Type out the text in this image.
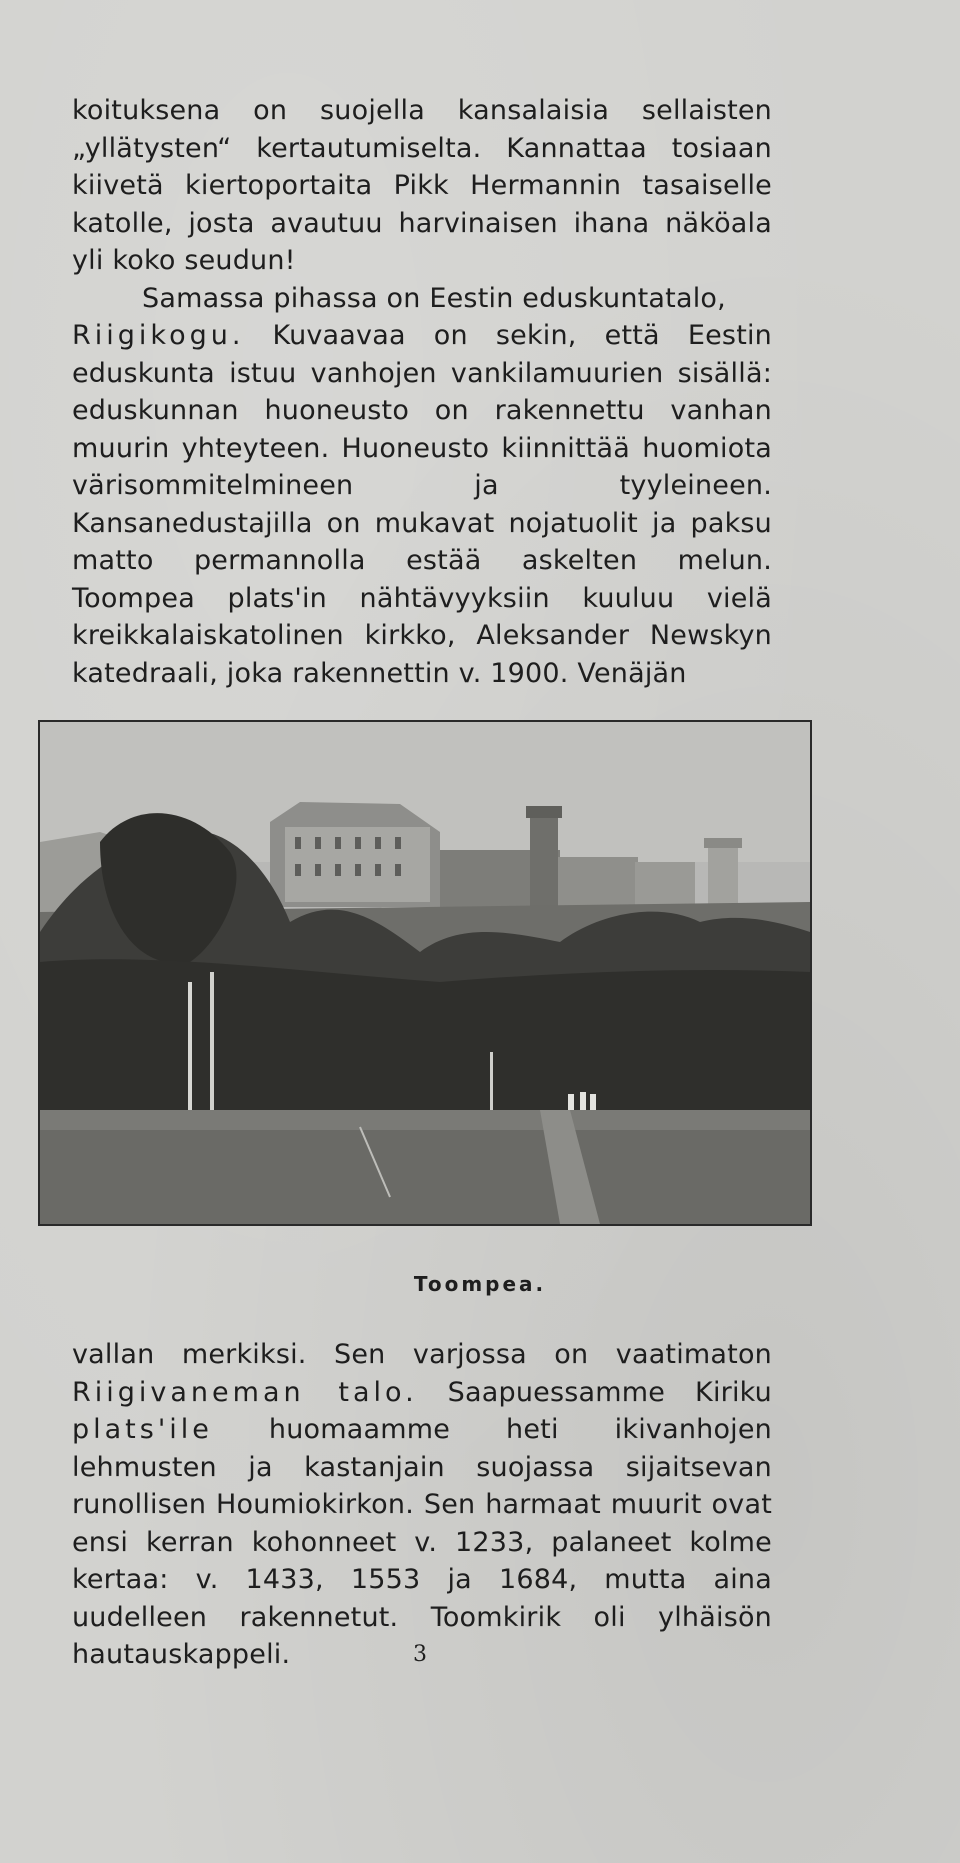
koituksena on suojella kansalaisia sellaisten „yllätysten“ kertautumiselta. Kannattaa tosiaan kiivetä kiertoportaita Pikk Hermannin tasaiselle katolle, josta avautuu harvinaisen ihana näköala yli koko seudun!

Samassa pihassa on Eestin eduskuntatalo,
Riigikogu. Kuvaavaa on sekin, että Eestin eduskunta istuu vanhojen vankilamuurien sisällä: eduskunnan huoneusto on rakennettu vanhan muurin yhteyteen. Huoneusto kiinnittää huomiota värisommitelmineen ja tyyleineen. Kansanedustajilla on mukavat nojatuolit ja paksu matto permannolla estää askelten melun. Toompea plats'in nähtävyyksiin kuuluu vielä kreikkalaiskatolinen kirkko, Aleksander Newskyn katedraali, joka rakennettin v. 1900. Venäjän

Toompea.

vallan merkiksi. Sen varjossa on vaatimaton Riigivaneman talo. Saapuessamme Kiriku plats'ile huomaamme heti ikivanhojen lehmusten ja kastanjain suojassa sijaitsevan runollisen Houmiokirkon. Sen harmaat muurit ovat ensi kerran kohonneet v. 1233, palaneet kolme kertaa: v. 1433, 1553 ja 1684, mutta aina uudelleen rakennetut. Toomkirik oli ylhäisön hautauskappeli.	3
